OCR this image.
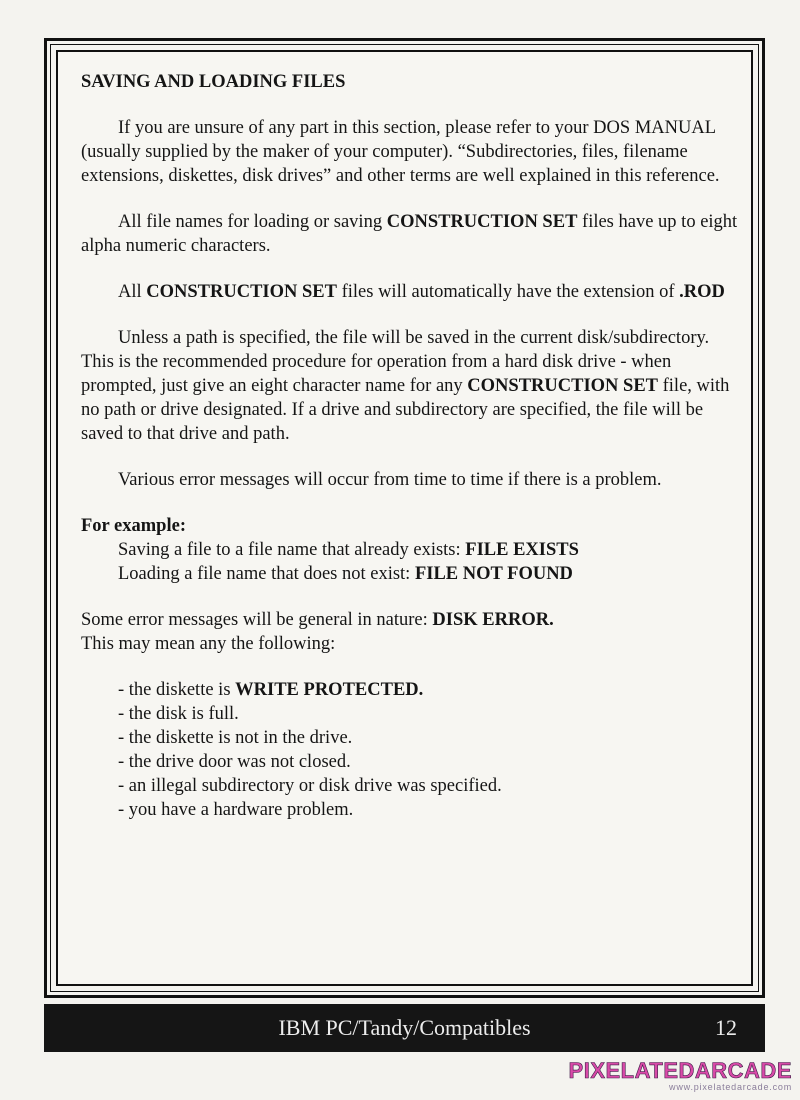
SAVING AND LOADING FILES

If you are unsure of any part in this section, please refer to your DOS MANUAL (usually supplied by the maker of your computer). “Subdirectories, files, filename extensions, diskettes, disk drives” and other terms are well explained in this reference.

All file names for loading or saving CONSTRUCTION SET files have up to eight alpha numeric characters.

All CONSTRUCTION SET files will automatically have the extension of .ROD

Unless a path is specified, the file will be saved in the current disk/subdirectory. This is the recommended procedure for operation from a hard disk drive - when prompted, just give an eight character name for any CONSTRUCTION SET file, with no path or drive designated. If a drive and subdirectory are specified, the file will be saved to that drive and path.

Various error messages will occur from time to time if there is a problem.

For example:

Saving a file to a file name that already exists: FILE EXISTS

Loading a file name that does not exist: FILE NOT FOUND

Some error messages will be general in nature: DISK ERROR.

This may mean any the following:

- the diskette is WRITE PROTECTED.
- the disk is full.
- the diskette is not in the drive.
- the drive door was not closed.
- an illegal subdirectory or disk drive was specified.
- you have a hardware problem.
IBM PC/Tandy/Compatibles	12
PIXELATEDARCADE
www.pixelatedarcade.com
